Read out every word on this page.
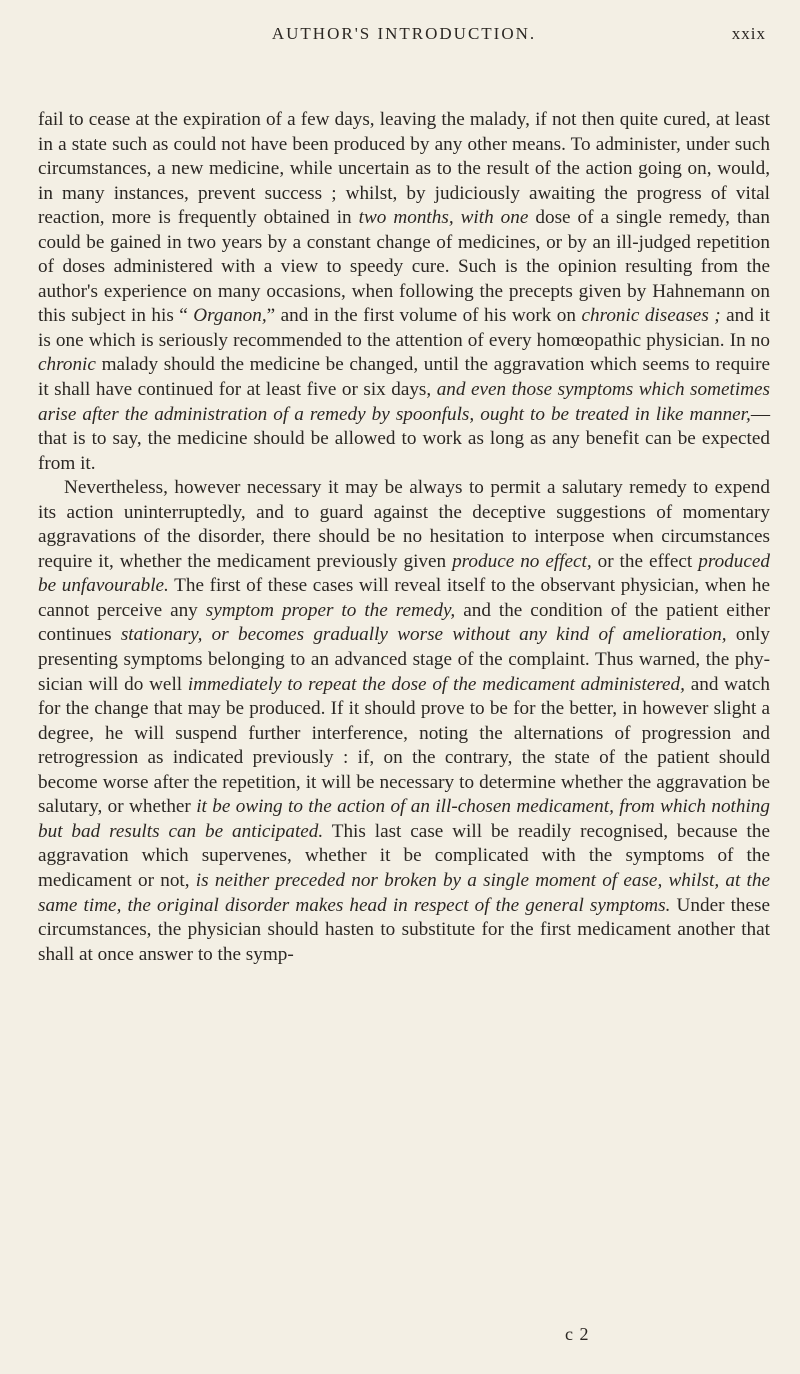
AUTHOR'S INTRODUCTION.	xxix

fail to cease at the expiration of a few days, leaving the malady, if not then quite cured, at least in a state such as could not have been produced by any other means. To administer, under such circumstances, a new medicine, while uncertain as to the result of the action going on, would, in many instances, prevent success ; whilst, by judiciously awaiting the progress of vital reaction, more is frequently obtained in two months, with one dose of a single remedy, than could be gained in two years by a constant change of medicines, or by an ill-judged repetition of doses administered with a view to speedy cure. Such is the opinion resulting from the author's experience on many occasions, when following the precepts given by Hahnemann on this subject in his “ Organon,” and in the first volume of his work on chronic diseases ; and it is one which is seriously recommended to the attention of every homœopathic physician. In no chronic malady should the medicine be changed, until the aggravation which seems to require it shall have continued for at least five or six days, and even those symptoms which sometimes arise after the administration of a remedy by spoonfuls, ought to be treated in like manner,—that is to say, the medicine should be allowed to work as long as any benefit can be expected from it.

Nevertheless, however necessary it may be always to permit a salutary remedy to expend its action uninterruptedly, and to guard against the deceptive suggestions of momentary aggravations of the disorder, there should be no hesitation to interpose when circumstances require it, whether the medicament previously given produce no effect, or the effect produced be unfavourable. The first of these cases will reveal itself to the observant physician, when he cannot perceive any symptom proper to the remedy, and the condition of the patient either continues stationary, or becomes gradually worse without any kind of amelioration, only presenting symptoms belonging to an advanced stage of the complaint. Thus warned, the physician will do well immediately to repeat the dose of the medicament administered, and watch for the change that may be produced. If it should prove to be for the better, in however slight a degree, he will suspend further interference, noting the alternations of progression and retrogression as indicated previously : if, on the contrary, the state of the patient should become worse after the repetition, it will be necessary to determine whether the aggravation be salutary, or whether it be owing to the action of an ill-chosen medicament, from which nothing but bad results can be anticipated. This last case will be readily recognised, because the aggravation which supervenes, whether it be complicated with the symptoms of the medicament or not, is neither preceded nor broken by a single moment of ease, whilst, at the same time, the original disorder makes head in respect of the general symptoms. Under these circumstances, the physician should hasten to substitute for the first medicament another that shall at once answer to the symp-

c 2
